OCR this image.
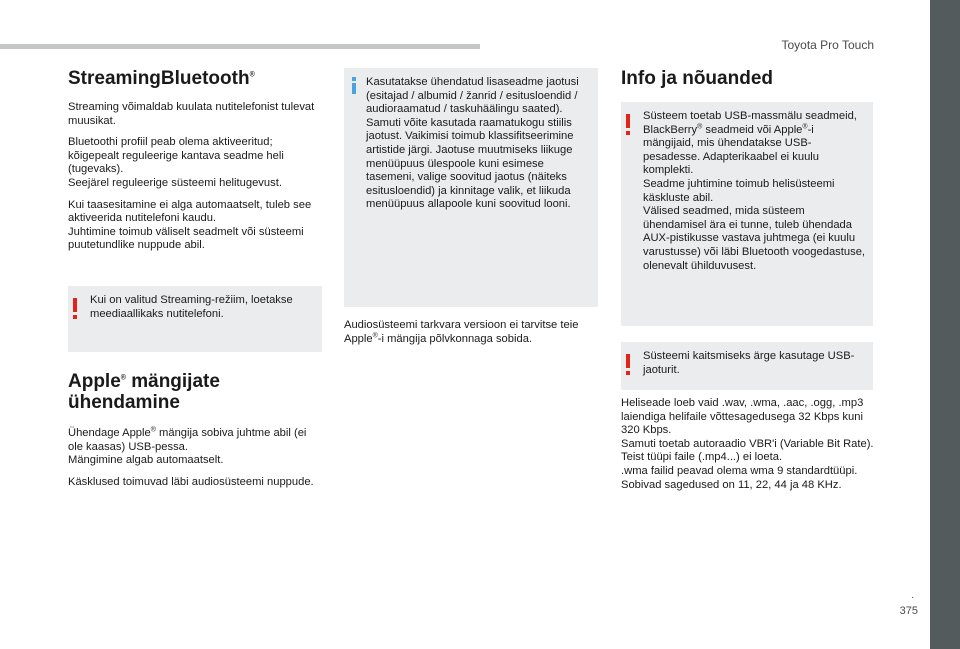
Toyota Pro Touch
.
375
StreamingBluetooth®

Streaming võimaldab kuulata nutitelefonist tulevat muusikat.

Bluetoothi profiil peab olema aktiveeritud; kõigepealt reguleerige kantava seadme heli (tugevaks).
Seejärel reguleerige süsteemi helitugevust.

Kui taasesitamine ei alga automaatselt, tuleb see aktiveerida nutitelefoni kaudu.
Juhtimine toimub väliselt seadmelt või süsteemi puutetundlike nuppude abil.

Kui on valitud Streaming-režiim, loetakse meediaallikaks nutitelefoni.
Apple® mängijate
ühendamine

Ühendage Apple® mängija sobiva juhtme abil (ei ole kaasas) USB-pessa.
Mängimine algab automaatselt.

Käsklused toimuvad läbi audiosüsteemi nuppude.

Kasutatakse ühendatud lisaseadme jaotusi (esitajad / albumid / žanrid / esitusloendid / audioraamatud / taskuhäälingu saated). Samuti võite kasutada raamatukogu stiilis jaotust. Vaikimisi toimub klassifitseerimine artistide järgi. Jaotuse muutmiseks liikuge menüüpuus ülespoole kuni esimese tasemeni, valige soovitud jaotus (näiteks esitusloendid) ja kinnitage valik, et liikuda menüüpuus allapoole kuni soovitud looni.

Audiosüsteemi tarkvara versioon ei tarvitse teie Apple®-i mängija põlvkonnaga sobida.

Info ja nõuanded
Süsteem toetab USB-massmälu seadmeid, BlackBerry® seadmeid või Apple®-i mängijaid, mis ühendatakse USB-pesadesse. Adapterikaabel ei kuulu komplekti.
Seadme juhtimine toimub helisüsteemi käskluste abil.
Välised seadmed, mida süsteem ühendamisel ära ei tunne, tuleb ühendada AUX-pistikusse vastava juhtmega (ei kuulu varustusse) või läbi Bluetooth voogedastuse, olenevalt ühilduvusest.
Süsteemi kaitsmiseks ärge kasutage USB-jaoturit.

Heliseade loeb vaid .wav, .wma, .aac, .ogg, .mp3 laiendiga helifaile võttesagedusega 32 Kbps kuni 320 Kbps.
Samuti toetab autoraadio VBR'i (Variable Bit Rate).
Teist tüüpi faile (.mp4...) ei loeta.
.wma failid peavad olema wma 9 standardtüüpi.
Sobivad sagedused on 11, 22, 44 ja 48 KHz.
